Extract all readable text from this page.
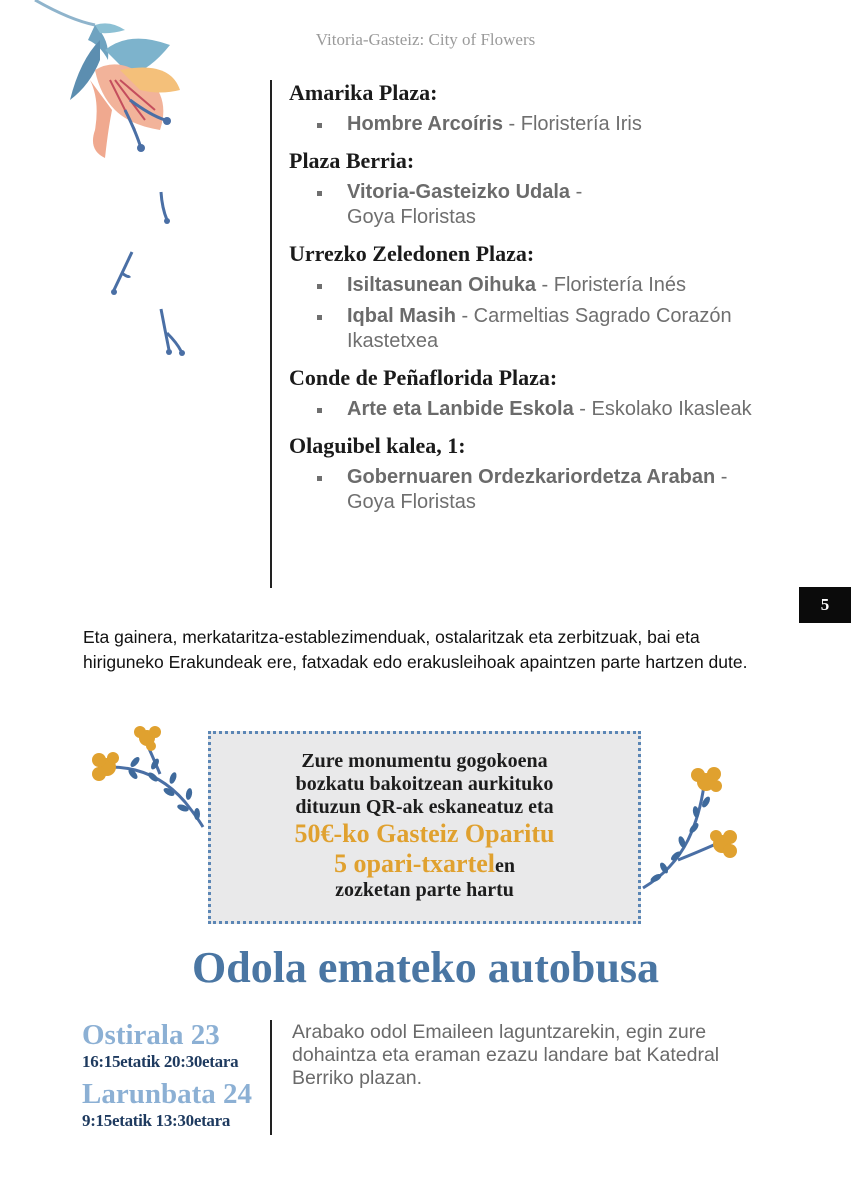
Vitoria-Gasteiz: City of Flowers
Amarika Plaza:
Hombre Arcoíris - Floristería Iris
Plaza Berria:
Vitoria-Gasteizko Udala - Goya Floristas
Urrezko Zeledonen Plaza:
Isiltasunean Oihuka - Floristería Inés
Iqbal Masih - Carmeltias Sagrado Corazón Ikastetxea
Conde de Peñaflorida Plaza:
Arte eta Lanbide Eskola - Eskolako Ikasleak
Olaguibel kalea, 1:
Gobernuaren Ordezkariordetza Araban - Goya Floristas
5

Eta gainera, merkataritza-establezimenduak, ostalaritzak eta zerbitzuak, bai eta hiriguneko Erakundeak ere, fatxadak edo erakusleihoak apaintzen parte hartzen dute.

Zure monumentu gogokoena
bozkatu bakoitzean aurkituko
dituzun QR-ak eskaneatuz eta
50€-ko Gasteiz Oparitu
5 opari-txartelen
zozketan parte hartu
Odola emateko autobusa
Ostirala 23
16:15etatik 20:30etara
Larunbata 24
9:15etatik 13:30etara

Arabako odol Emaileen laguntzarekin, egin zure dohaintza eta eraman ezazu landare bat Katedral Berriko plazan.
